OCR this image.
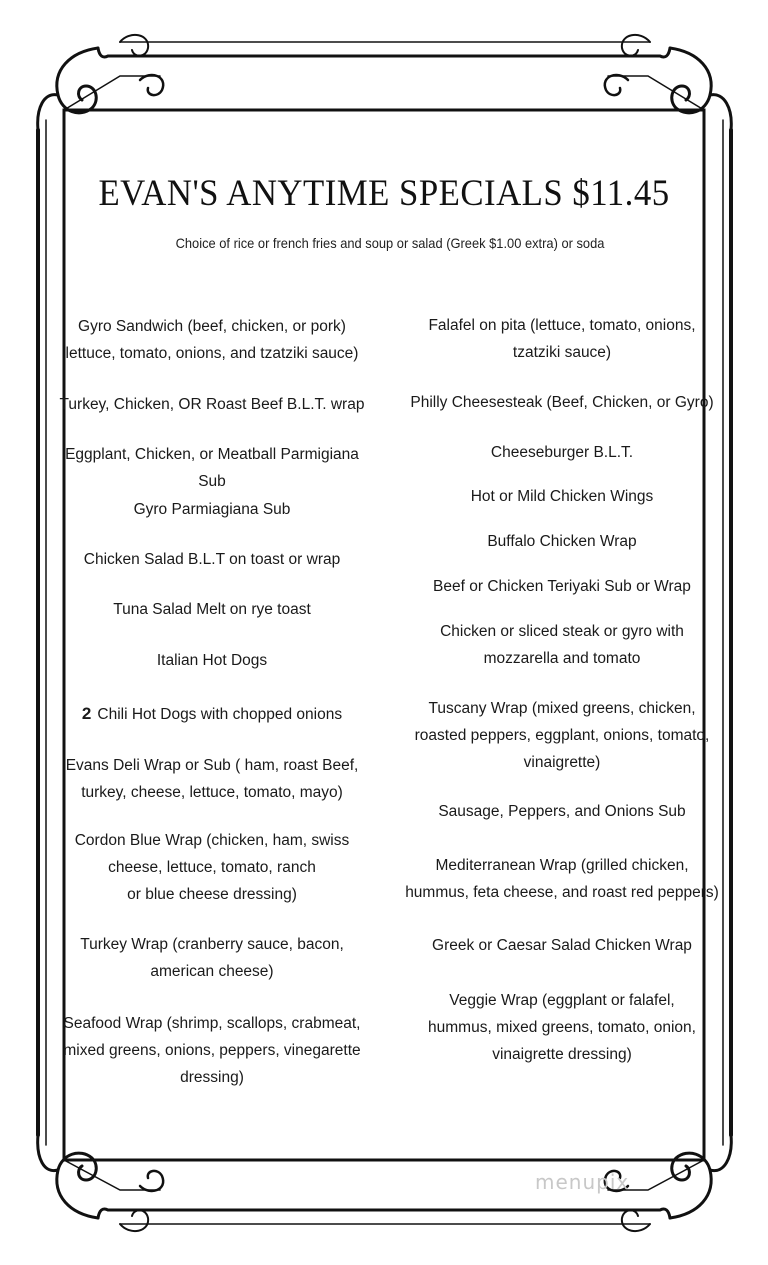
EVAN'S ANYTIME SPECIALS $11.45
Choice of rice or french fries and soup or salad (Greek $1.00 extra) or soda
Gyro Sandwich (beef, chicken, or pork)
lettuce, tomato, onions, and tzatziki sauce)
Turkey, Chicken, OR Roast Beef B.L.T. wrap
Eggplant, Chicken, or Meatball Parmigiana Sub
Gyro Parmiagiana Sub
Chicken Salad B.L.T on toast or wrap
Tuna Salad Melt on rye toast
Italian Hot Dogs
2 Chili Hot Dogs with chopped onions
Evans Deli Wrap or Sub ( ham, roast Beef,
turkey, cheese, lettuce, tomato, mayo)
Cordon Blue Wrap (chicken, ham, swiss
cheese, lettuce, tomato, ranch
or blue cheese dressing)
Turkey Wrap (cranberry sauce, bacon,
american cheese)
Seafood Wrap (shrimp, scallops, crabmeat,
mixed greens, onions, peppers, vinegarette
dressing)
Falafel on pita (lettuce, tomato, onions,
tzatziki sauce)
Philly Cheesesteak (Beef, Chicken, or Gyro)
Cheeseburger B.L.T.
Hot or Mild Chicken Wings
Buffalo Chicken Wrap
Beef or Chicken Teriyaki Sub or Wrap
Chicken or sliced steak or gyro with
mozzarella and tomato
Tuscany Wrap (mixed greens, chicken,
roasted peppers, eggplant, onions, tomato,
vinaigrette)
Sausage, Peppers, and Onions Sub
Mediterranean Wrap (grilled chicken,
hummus, feta cheese, and roast red peppers)
Greek or Caesar Salad Chicken Wrap
Veggie Wrap (eggplant or falafel,
hummus, mixed greens, tomato, onion,
vinaigrette dressing)
menupix
